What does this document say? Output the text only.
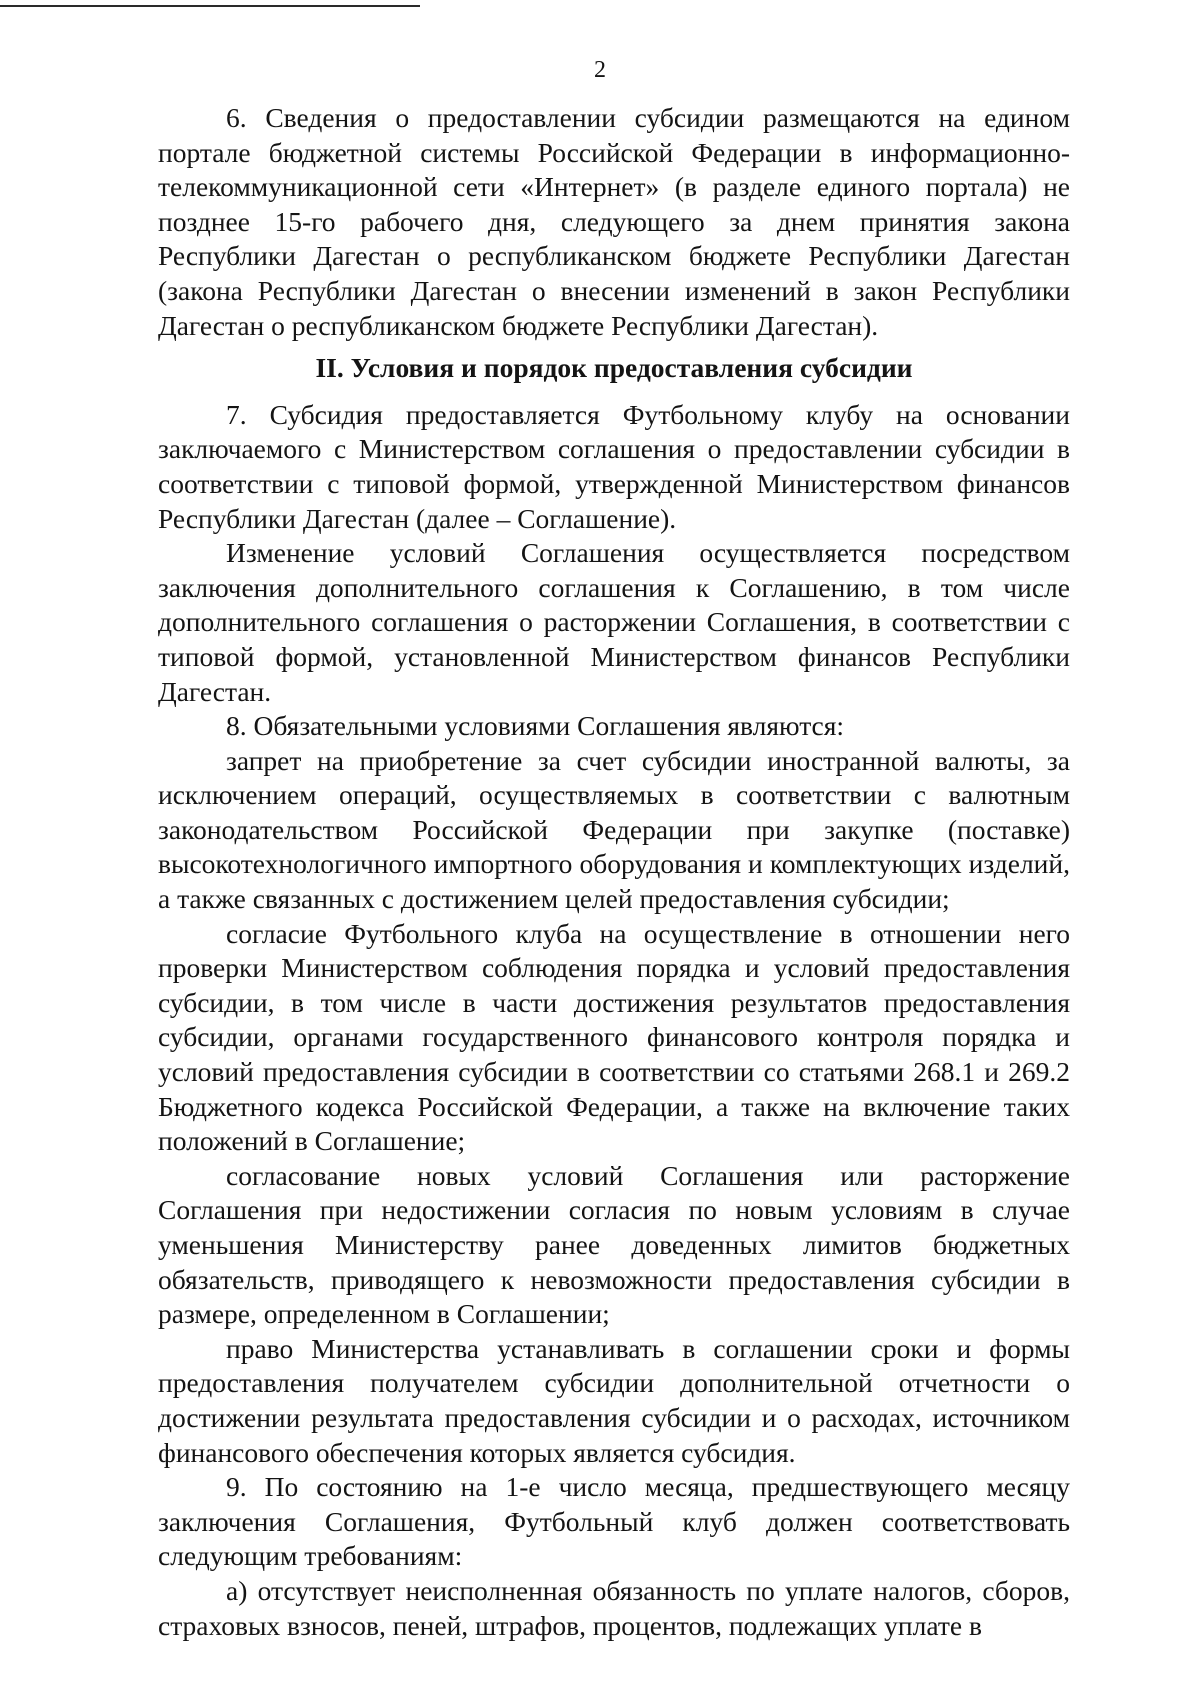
2

6. Сведения о предоставлении субсидии размещаются на едином портале бюджетной системы Российской Федерации в информационно-телекоммуникационной сети «Интернет» (в разделе единого портала) не позднее 15-го рабочего дня, следующего за днем принятия закона Республики Дагестан о республиканском бюджете Республики Дагестан (закона Республики Дагестан о внесении изменений в закон Республики Дагестан о республиканском бюджете Республики Дагестан).

II. Условия и порядок предоставления субсидии

7. Субсидия предоставляется Футбольному клубу на основании заключаемого с Министерством соглашения о предоставлении субсидии в соответствии с типовой формой, утвержденной Министерством финансов Республики Дагестан (далее – Соглашение).

Изменение условий Соглашения осуществляется посредством заключения дополнительного соглашения к Соглашению, в том числе дополнительного соглашения о расторжении Соглашения, в соответствии с типовой формой, установленной Министерством финансов Республики Дагестан.

8. Обязательными условиями Соглашения являются:

запрет на приобретение за счет субсидии иностранной валюты, за исключением операций, осуществляемых в соответствии с валютным законодательством Российской Федерации при закупке (поставке) высокотехнологичного импортного оборудования и комплектующих изделий, а также связанных с достижением целей предоставления субсидии;

согласие Футбольного клуба на осуществление в отношении него проверки Министерством соблюдения порядка и условий предоставления субсидии, в том числе в части достижения результатов предоставления субсидии, органами государственного финансового контроля порядка и условий предоставления субсидии в соответствии со статьями 268.1 и 269.2 Бюджетного кодекса Российской Федерации, а также на включение таких положений в Соглашение;

согласование новых условий Соглашения или расторжение Соглашения при недостижении согласия по новым условиям в случае уменьшения Министерству ранее доведенных лимитов бюджетных обязательств, приводящего к невозможности предоставления субсидии в размере, определенном в Соглашении;

право Министерства устанавливать в соглашении сроки и формы предоставления получателем субсидии дополнительной отчетности о достижении результата предоставления субсидии и о расходах, источником финансового обеспечения которых является субсидия.

9. По состоянию на 1-е число месяца, предшествующего месяцу заключения Соглашения, Футбольный клуб должен соответствовать следующим требованиям:

а) отсутствует неисполненная обязанность по уплате налогов, сборов, страховых взносов, пеней, штрафов, процентов, подлежащих уплате в
